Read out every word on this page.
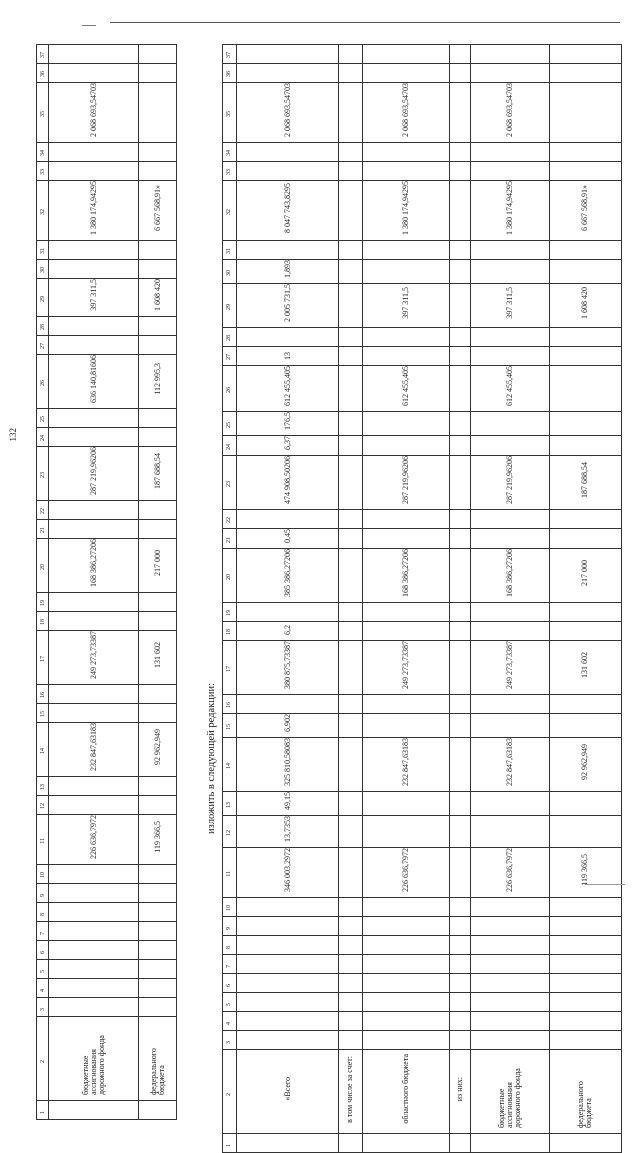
132
37		
36		
35	2 068 693,54703	
34		
33		
32	1 380 174,94295	6 667 568,91»
31		
30		
29	397 311,5	1 608 420
28		
27		
26	636 140,81606	112 995,3
25		
24		
23	287 219,96206	187 688,54
22		
21		
20	168 386,27206	217 000
19		
18		
17	249 273,73387	131 602
16		
15		
14	232 847,63183	92 962,949
13		
12		
11	226 636,7972	119 366,5
10		
9		
8		
7		
6		
5		
4		
3		
2	бюджетные ассигнования дорожного фонда	федерального бюджета
1		
изложить в следующей редакции:
37						
36						
35	2 068 693,54703		2 068 693,54703		2 068 693,54703	
34						
33						
32	8 047 743,8295		1 380 174,94295		1 380 174,94295	6 667 568,91»
31						
30	1,893					
29	2 005 731,5		397 311,5		397 311,5	1 608 420
28						
27	13					
26	612 455,405		612 455,405		612 455,405	
25	176,5					
24	6,37					
23	474 908,50206		287 219,96206		287 219,96206	187 688,54
22						
21	0,45					
20	385 386,27206		168 386,27206		168 386,27206	217 000
19						
18	6,2					
17	380 875,73387		249 273,73387		249 273,73387	131 602
16						
15	6,902					
14	325 810,58083		232 847,63183		232 847,63183	92 962,949
13	49,15					
12	13,7353					
11	346 003,2972		226 636,7972		226 636,7972	119 366,5
10						
9						
8						
7						
6						
5						
4						
3						
2	«Всего	в том числе за счет:	областного бюджета	из них:	бюджетные ассигнования дорожного фонда	федерального бюджета
1						
